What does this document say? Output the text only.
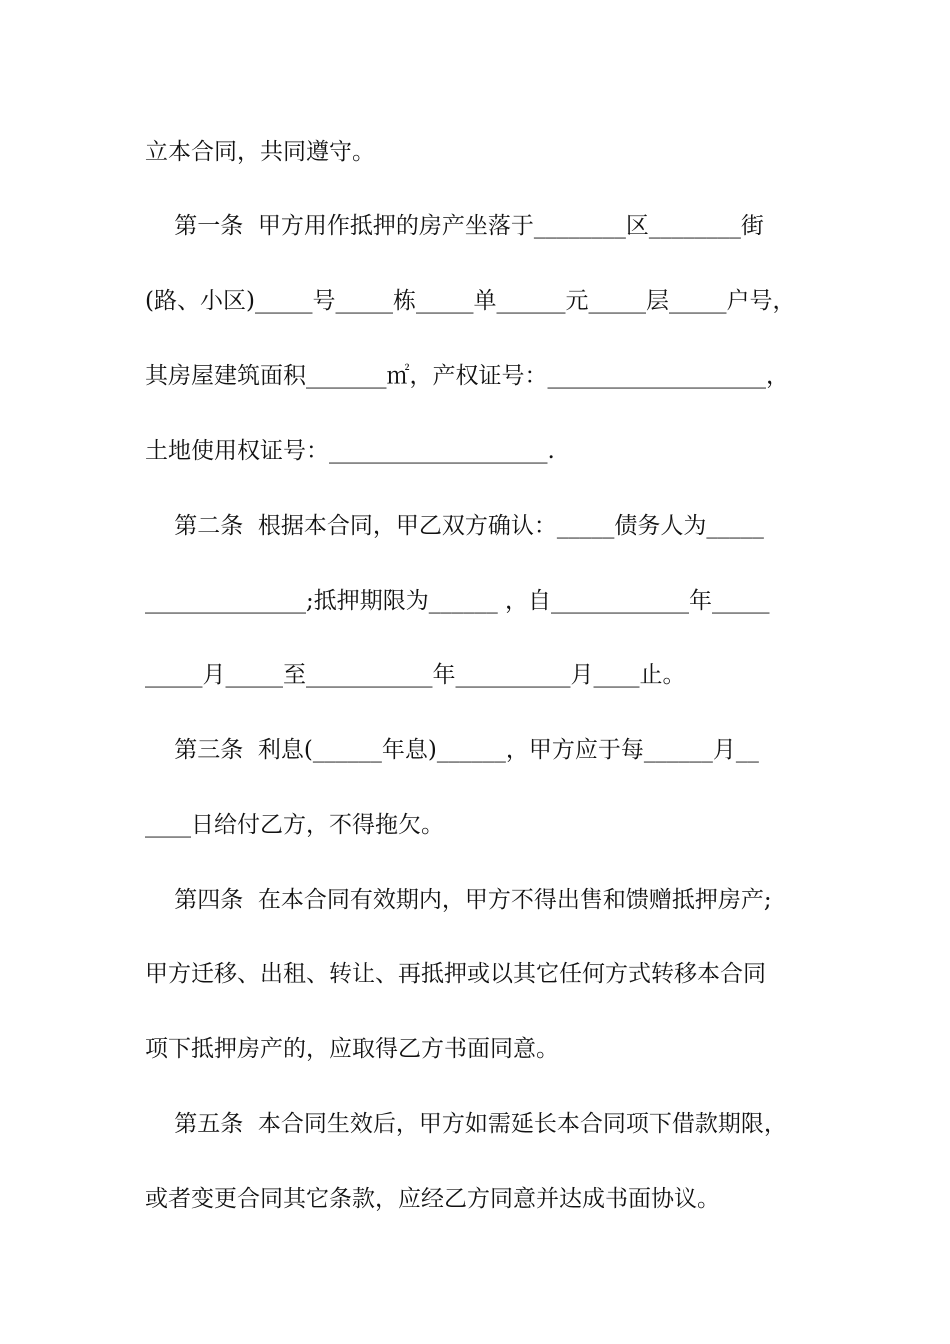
立本合同，共同遵守。

第一条  甲方用作抵押的房产坐落于________区________街

(路、小区)_____号_____栋_____单______元_____层_____户号，

其房屋建筑面积_______㎡，产权证号：___________________，

土地使用权证号：___________________.

第二条  根据本合同，甲乙双方确认：_____债务人为_____

______________;抵押期限为______ ，自____________年_____

_____月_____至___________年__________月____止。

第三条  利息(______年息)______，甲方应于每______月__

____日给付乙方，不得拖欠。

第四条  在本合同有效期内，甲方不得出售和馈赠抵押房产;

甲方迁移、出租、转让、再抵押或以其它任何方式转移本合同

项下抵押房产的，应取得乙方书面同意。

第五条  本合同生效后，甲方如需延长本合同项下借款期限，

或者变更合同其它条款，应经乙方同意并达成书面协议。
